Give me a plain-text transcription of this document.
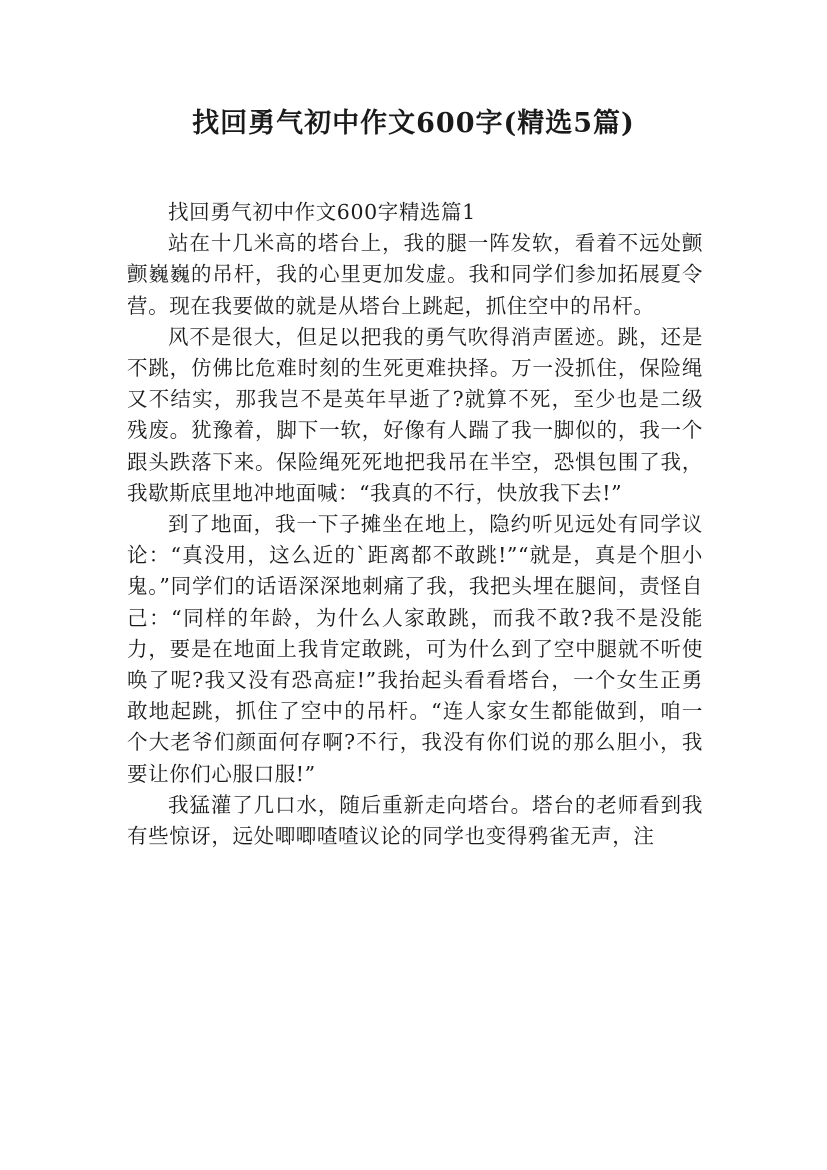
找回勇气初中作文600字(精选5篇)

找回勇气初中作文600字精选篇1

站在十几米高的塔台上，我的腿一阵发软，看着不远处颤颤巍巍的吊杆，我的心里更加发虚。我和同学们参加拓展夏令营。现在我要做的就是从塔台上跳起，抓住空中的吊杆。

风不是很大，但足以把我的勇气吹得消声匿迹。跳，还是不跳，仿佛比危难时刻的生死更难抉择。万一没抓住，保险绳又不结实，那我岂不是英年早逝了?就算不死，至少也是二级残废。犹豫着，脚下一软，好像有人踹了我一脚似的，我一个跟头跌落下来。保险绳死死地把我吊在半空，恐惧包围了我，我歇斯底里地冲地面喊：“我真的不行，快放我下去!”

到了地面，我一下子摊坐在地上，隐约听见远处有同学议论：“真没用，这么近的`距离都不敢跳!”“就是，真是个胆小鬼。”同学们的话语深深地刺痛了我，我把头埋在腿间，责怪自己：“同样的年龄，为什么人家敢跳，而我不敢?我不是没能力，要是在地面上我肯定敢跳，可为什么到了空中腿就不听使唤了呢?我又没有恐高症!”我抬起头看看塔台，一个女生正勇敢地起跳，抓住了空中的吊杆。“连人家女生都能做到，咱一个大老爷们颜面何存啊?不行，我没有你们说的那么胆小，我要让你们心服口服!”

我猛灌了几口水，随后重新走向塔台。塔台的老师看到我有些惊讶，远处唧唧喳喳议论的同学也变得鸦雀无声，注
